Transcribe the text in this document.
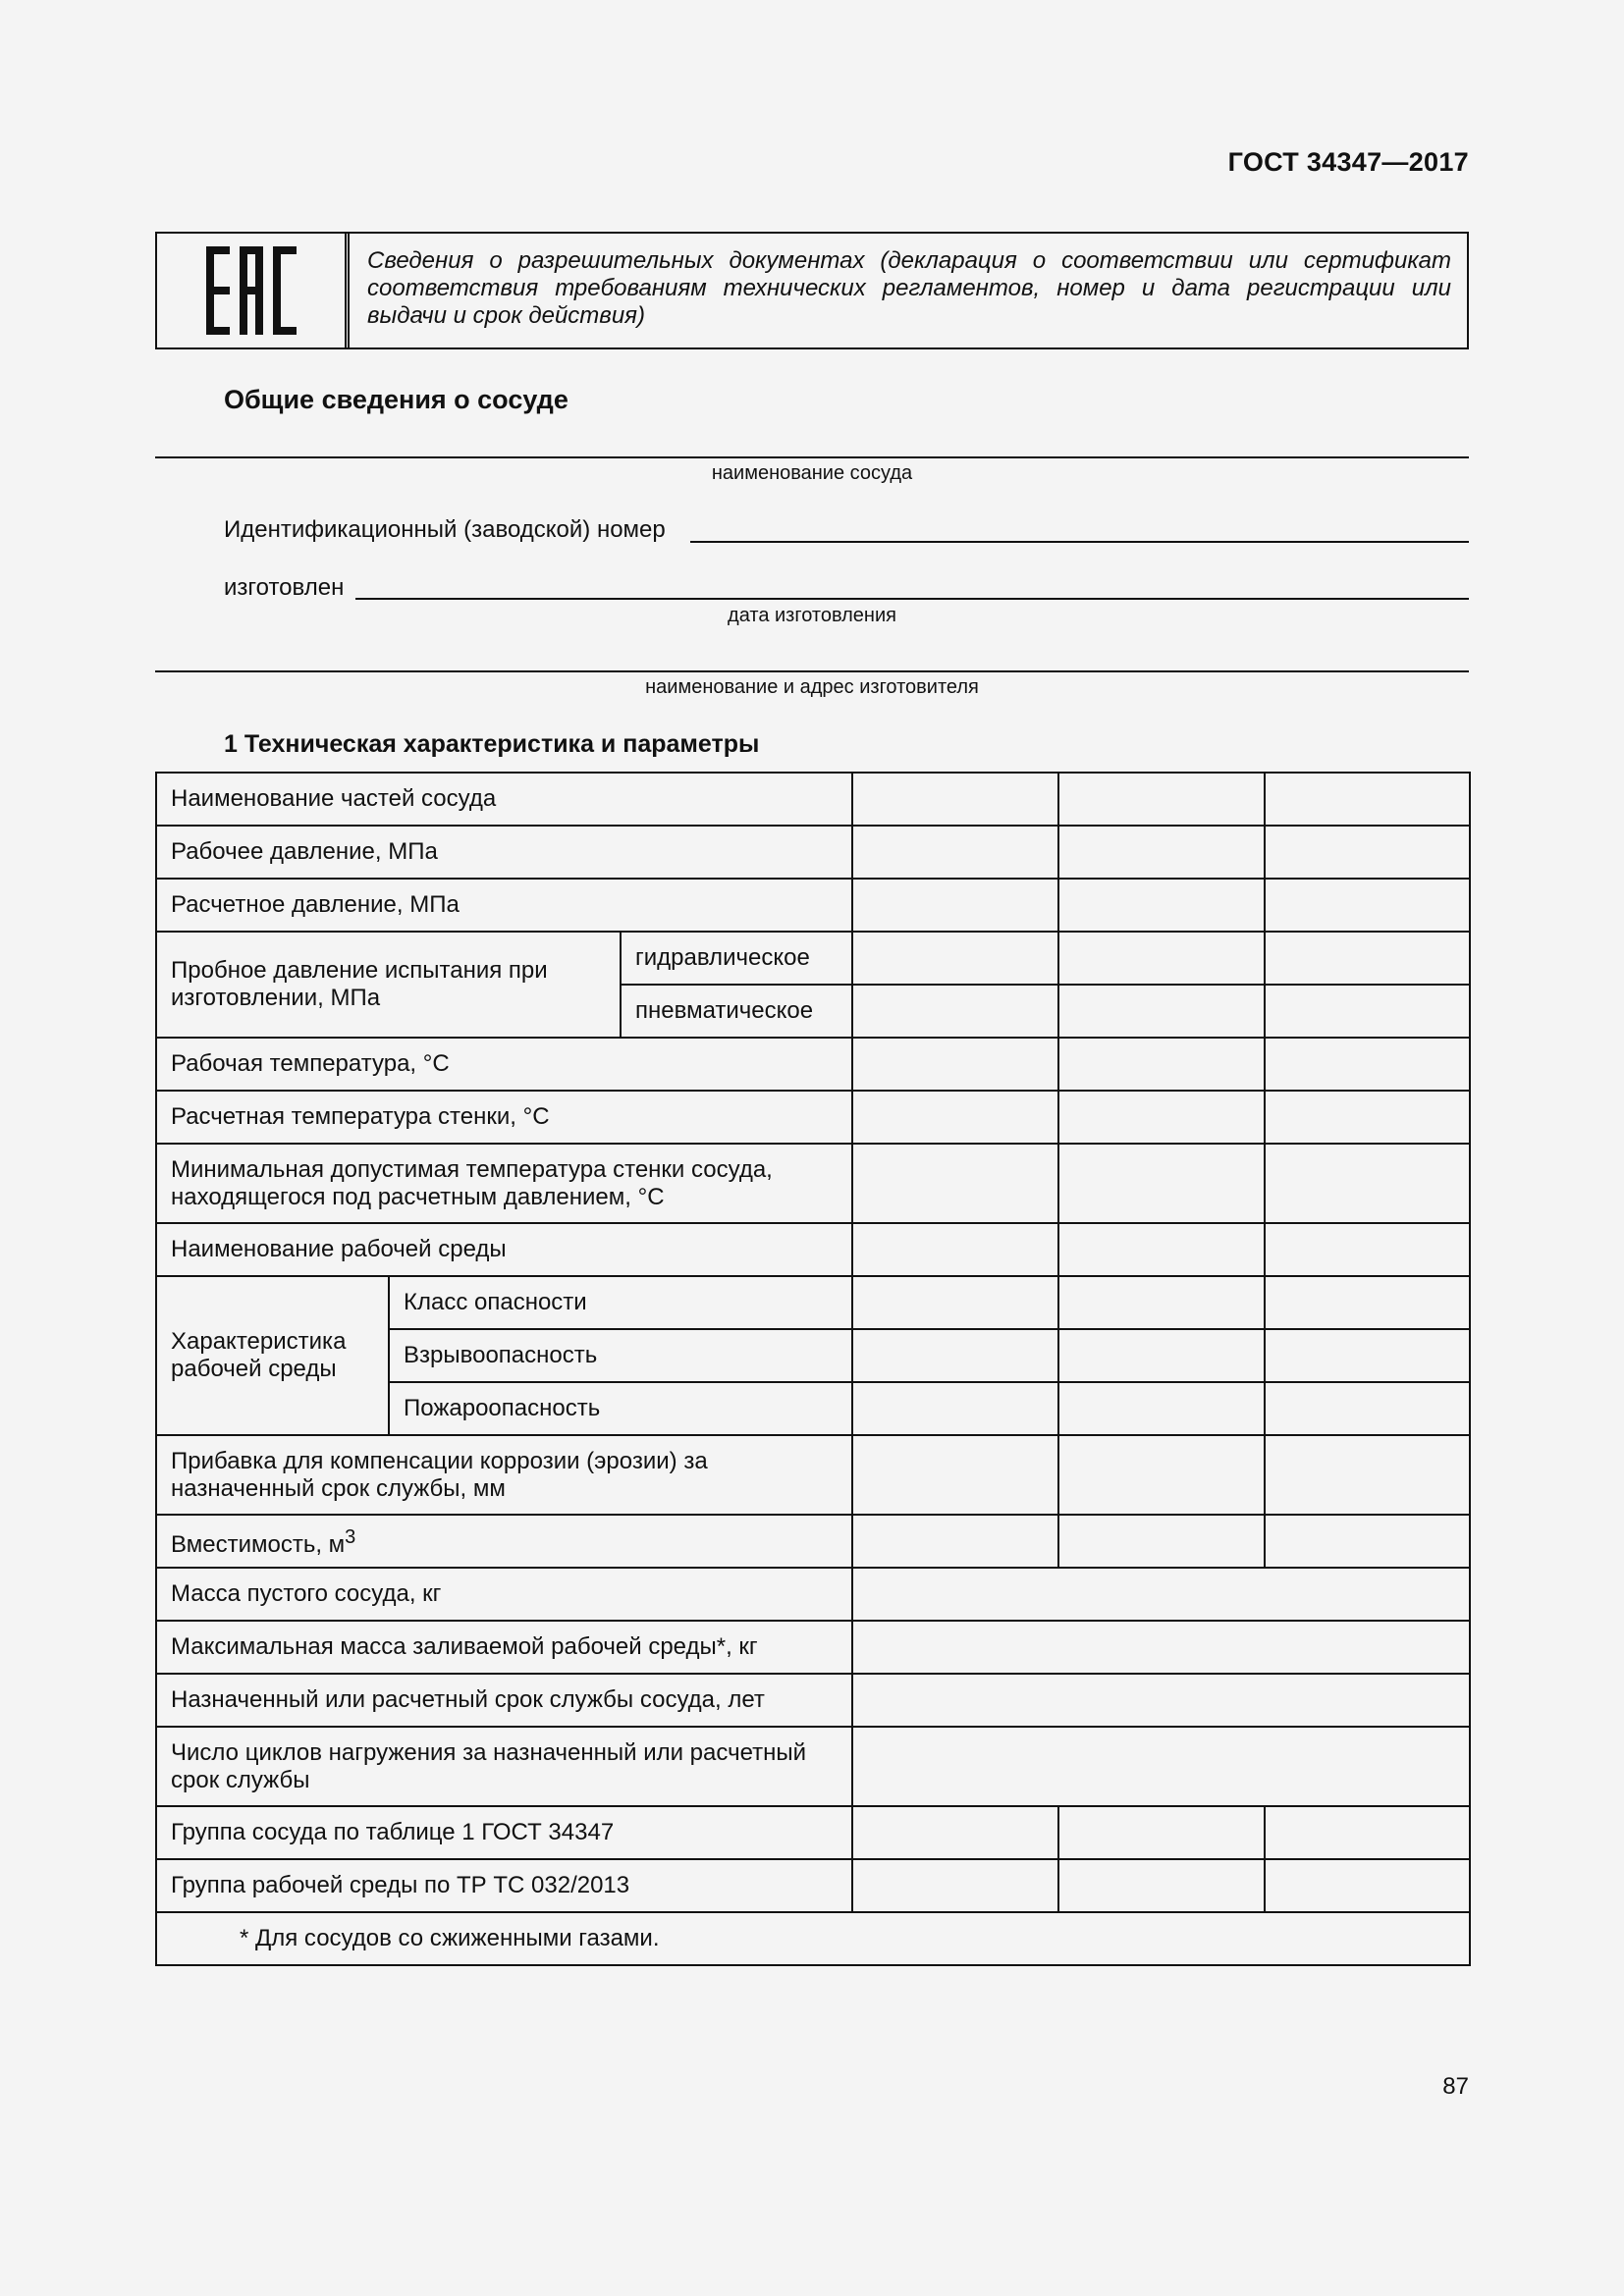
ГОСТ 34347—2017
Сведения о разрешительных документах (декларация о соответствии или сертификат соответствия требованиям технических регламентов, номер и дата регистрации или выдачи и срок действия)
Общие сведения о сосуде
наименование сосуда
Идентификационный (заводской) номер
изготовлен
дата изготовления
наименование и адрес изготовителя
1 Техническая характеристика и параметры
Наименование частей сосуда					
Рабочее давление, МПа					
Расчетное давление, МПа					
Пробное давление испытания при изготовлении, МПа		гидравлическое			
		пневматическое			
Рабочая температура, °С					
Расчетная температура стенки, °С					
Минимальная допустимая температура стенки сосуда, находящегося под расчетным давлением, °С					
Наименование рабочей среды					
Характеристика рабочей среды	Класс опасности				
	Взрывоопасность				
	Пожароопасность				
Прибавка для компенсации коррозии (эрозии) за назначенный срок службы, мм					
Вместимость, $м^3$			
Масса пустого сосуда, кг					
Максимальная масса заливаемой рабочей среды*, кг					
Назначенный или расчетный срок службы сосуда, лет					
Число циклов нагружения за назначенный или расчетный срок службы					
Группа сосуда по таблице 1 ГОСТ 34347					
Группа рабочей среды по ТР ТС 032/2013					
* Для сосудов со сжиженными газами.					
87
